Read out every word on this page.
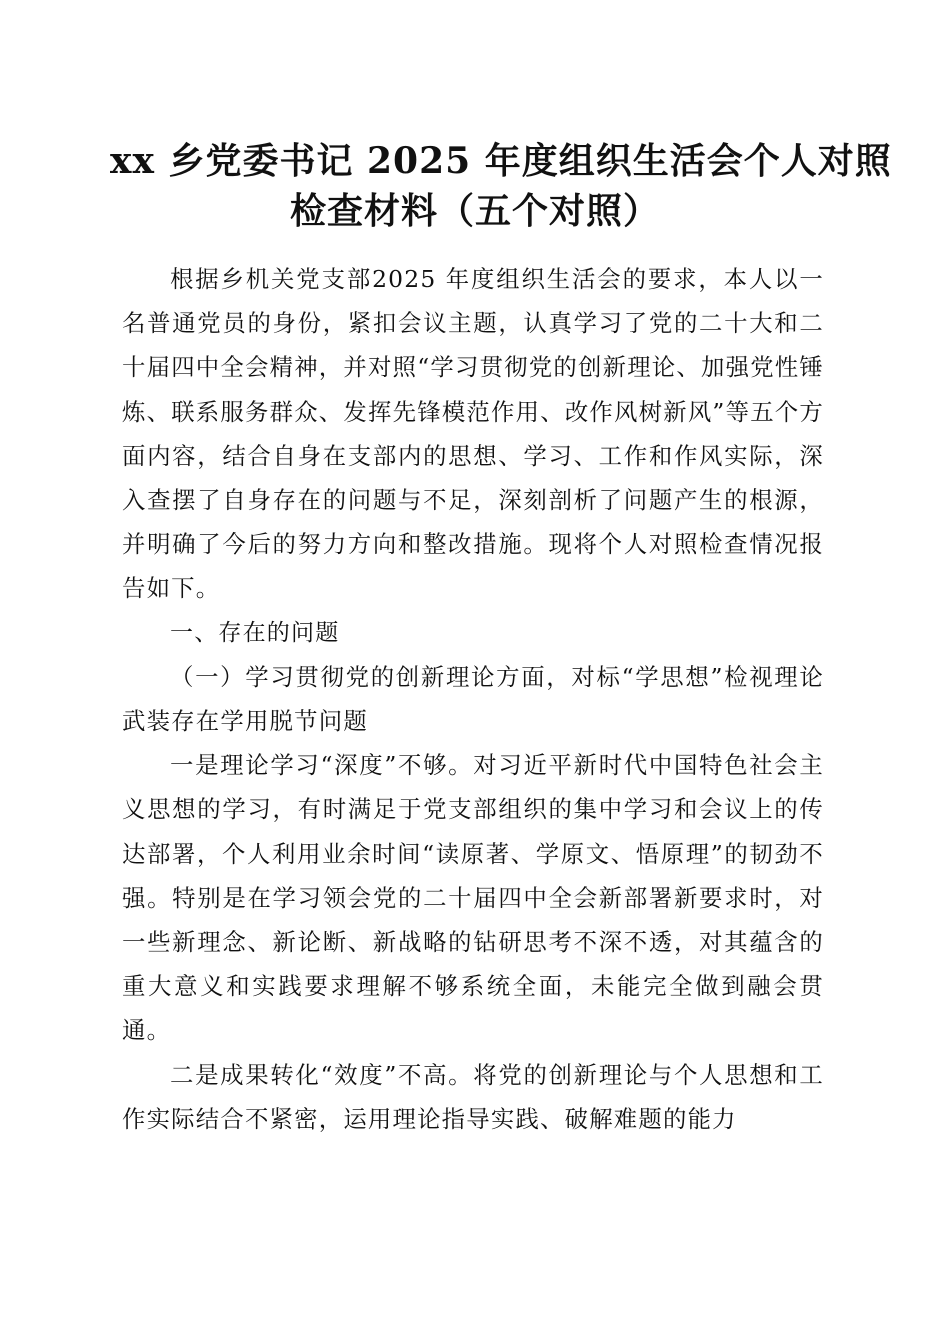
xx 乡党委书记 2025 年度组织生活会个人对照
检查材料（五个对照）

根据乡机关党支部2025 年度组织生活会的要求，本人以一名普通党员的身份，紧扣会议主题，认真学习了党的二十大和二十届四中全会精神，并对照“学习贯彻党的创新理论、加强党性锤炼、联系服务群众、发挥先锋模范作用、改作风树新风”等五个方面内容，结合自身在支部内的思想、学习、工作和作风实际，深入查摆了自身存在的问题与不足，深刻剖析了问题产生的根源，并明确了今后的努力方向和整改措施。现将个人对照检查情况报告如下。

一、存在的问题

（一）学习贯彻党的创新理论方面，对标“学思想”检视理论武装存在学用脱节问题

一是理论学习“深度”不够。对习近平新时代中国特色社会主义思想的学习，有时满足于党支部组织的集中学习和会议上的传达部署，个人利用业余时间“读原著、学原文、悟原理”的韧劲不强。特别是在学习领会党的二十届四中全会新部署新要求时，对一些新理念、新论断、新战略的钻研思考不深不透，对其蕴含的重大意义和实践要求理解不够系统全面，未能完全做到融会贯通。

二是成果转化“效度”不高。将党的创新理论与个人思想和工作实际结合不紧密，运用理论指导实践、破解难题的能力
